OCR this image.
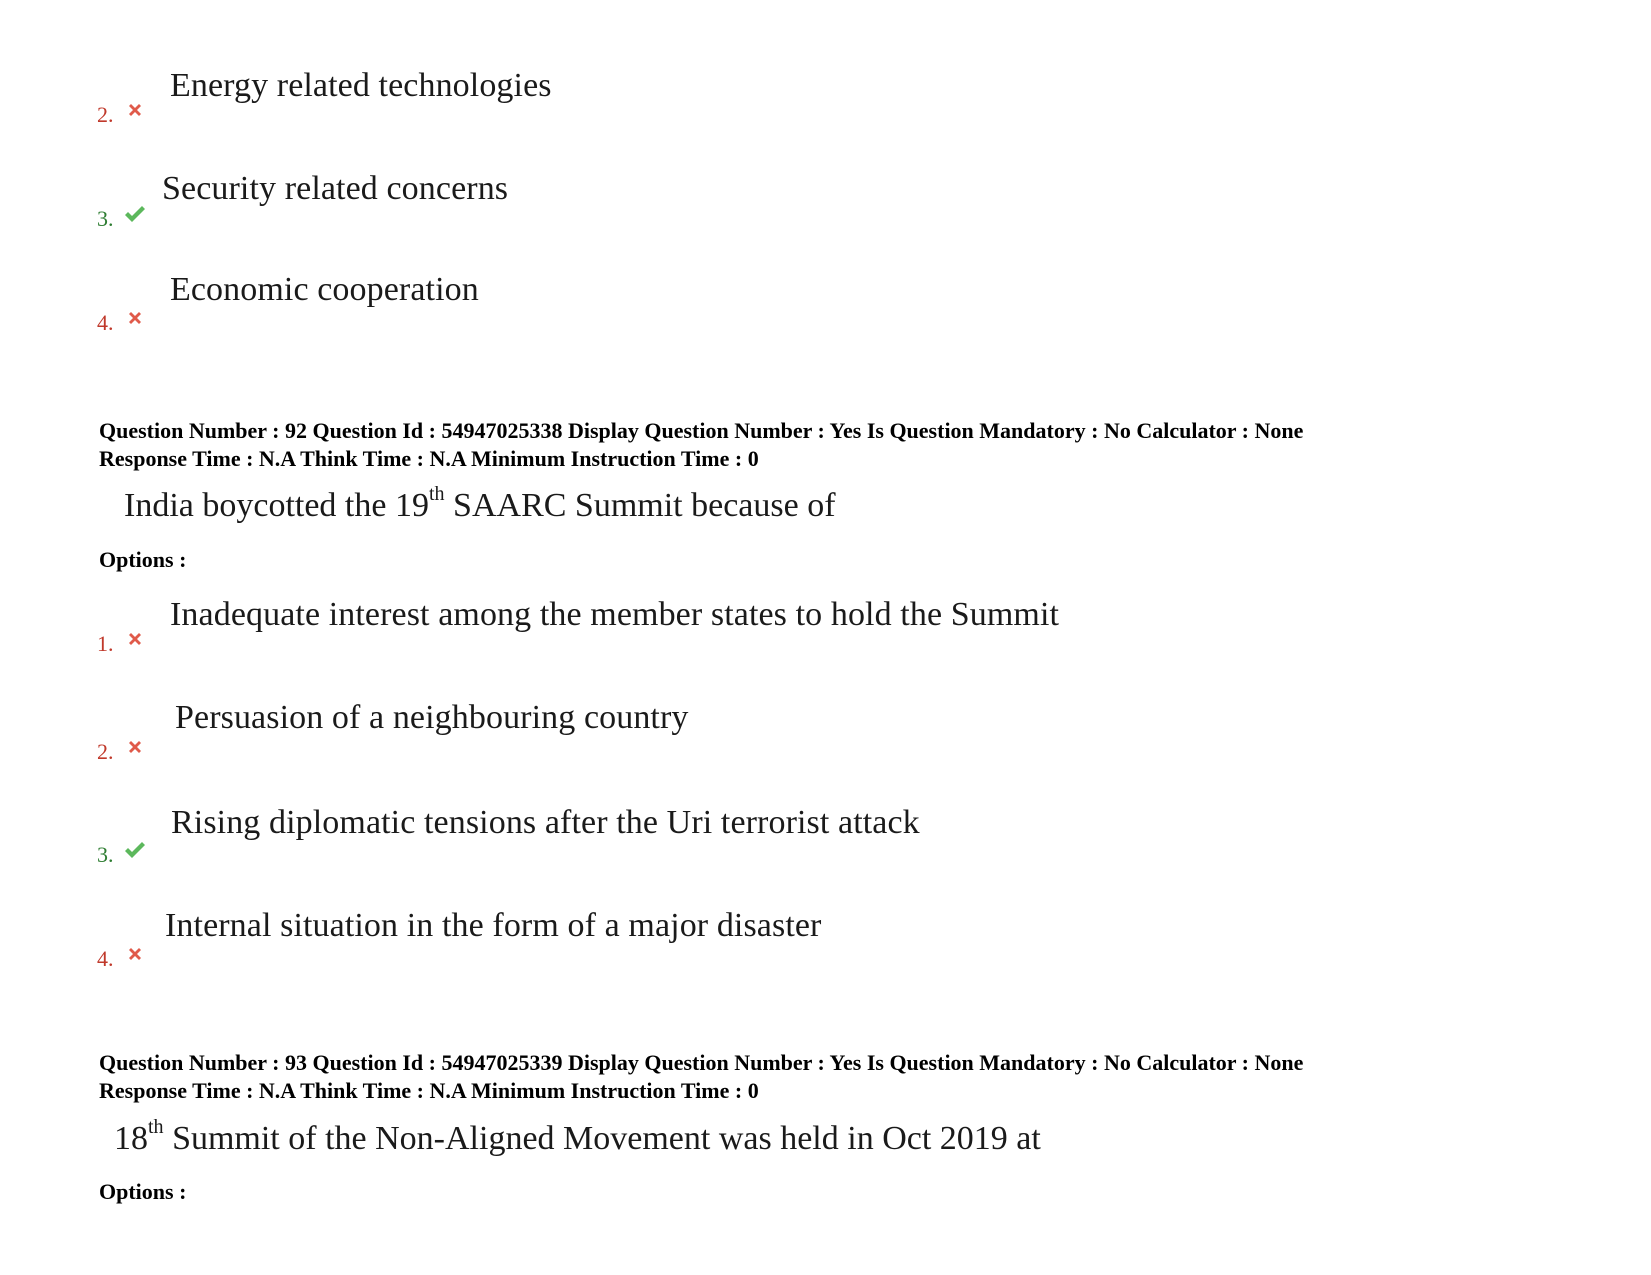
2.
Energy related technologies
3.
Security related concerns
4.
Economic cooperation
Question Number : 92 Question Id : 54947025338 Display Question Number : Yes Is Question Mandatory : No Calculator : None
Response Time : N.A Think Time : N.A Minimum Instruction Time : 0
India boycotted the 19th SAARC Summit because of
Options :
1.
Inadequate interest among the member states to hold the Summit
2.
Persuasion of a neighbouring country
3.
Rising diplomatic tensions after the Uri terrorist attack
4.
Internal situation in the form of a major disaster
Question Number : 93 Question Id : 54947025339 Display Question Number : Yes Is Question Mandatory : No Calculator : None
Response Time : N.A Think Time : N.A Minimum Instruction Time : 0
18th Summit of the Non-Aligned Movement was held in Oct 2019 at
Options :
